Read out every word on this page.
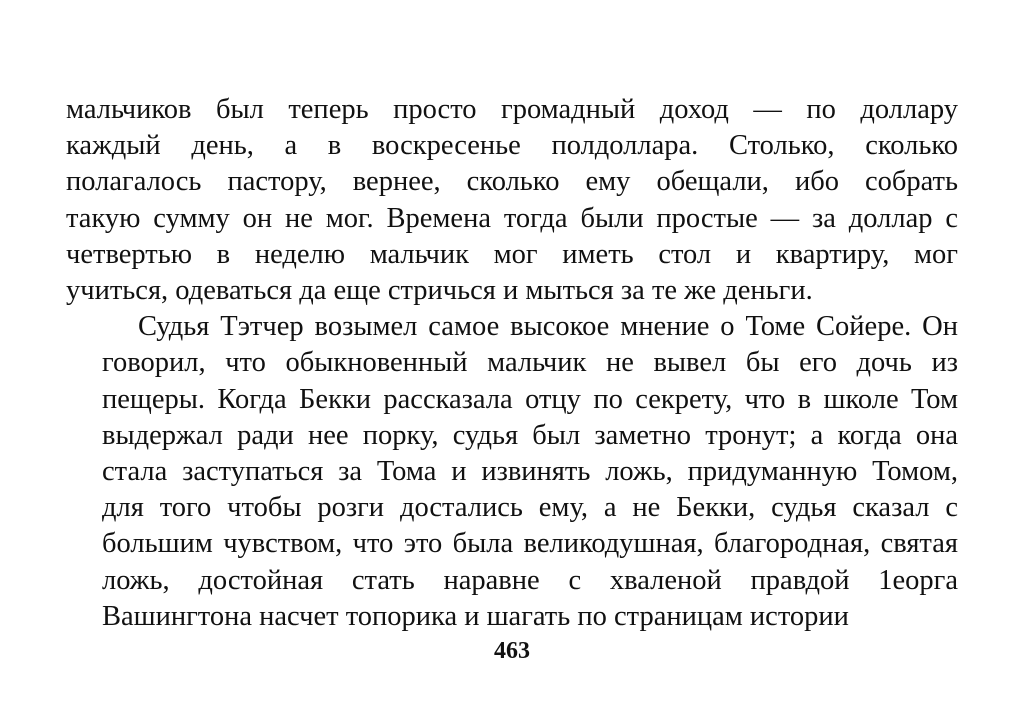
мальчиков был теперь просто громадный доход — по доллару
каждый день, а в воскресенье полдоллара. Столько, сколько
полагалось пастору, вернее, сколько ему обещали, ибо собрать
такую сумму он не мог. Времена тогда были простые — за доллар с
четвертью в неделю мальчик мог иметь стол и квартиру, мог
учиться, одеваться да еще стричься и мыться за те же деньги.
Судья Тэтчер возымел самое высокое мнение о Томе Сойере. Он
говорил, что обыкновенный мальчик не вывел бы его дочь из
пещеры. Когда Бекки рассказала отцу по секрету, что в школе Том
выдержал ради нее порку, судья был заметно тронут; а когда она
стала заступаться за Тома и извинять ложь, придуманную Томом,
для того чтобы розги достались ему, а не Бекки, судья сказал с
большим чувством, что это была великодушная, благородная, святая
ложь, достойная стать наравне с хваленой правдой 1еорга
Вашингтона насчет топорика и шагать по страницам истории
463
